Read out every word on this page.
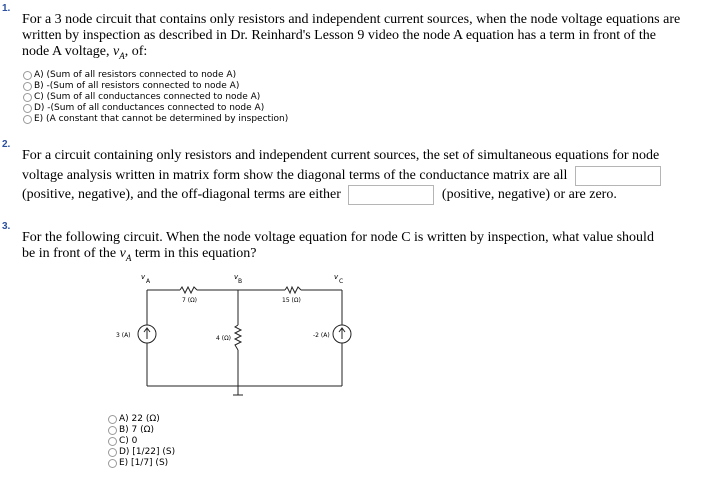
1.
For a 3 node circuit that contains only resistors and independent current sources, when the node voltage equations are written by inspection as described in Dr. Reinhard's Lesson 9 video the node A equation has a term in front of the node A voltage, $v_A$, of:
A) (Sum of all resistors connected to node A)
B) -(Sum of all resistors connected to node A)
C) (Sum of all conductances connected to node A)
D) -(Sum of all conductances connected to node A)
E) (A constant that cannot be determined by inspection)
2.
For a circuit containing only resistors and independent current sources, the set of simultaneous equations for node
voltage analysis written in matrix form show the diagonal terms of the conductance matrix are all
(positive, negative), and the off-diagonal terms are either	(positive, negative) or are zero.
3.
For the following circuit. When the node voltage equation for node C is written by inspection, what value should
be in front of the $v_A$ term in this equation?
v
A
v
B
v
C
7 (Ω)	15 (Ω)
4 (Ω)
3 (A)	-2 (A)
A) 22 (Ω)
B) 7 (Ω)
C) 0
D) [1/22] (S)
E) [1/7] (S)
